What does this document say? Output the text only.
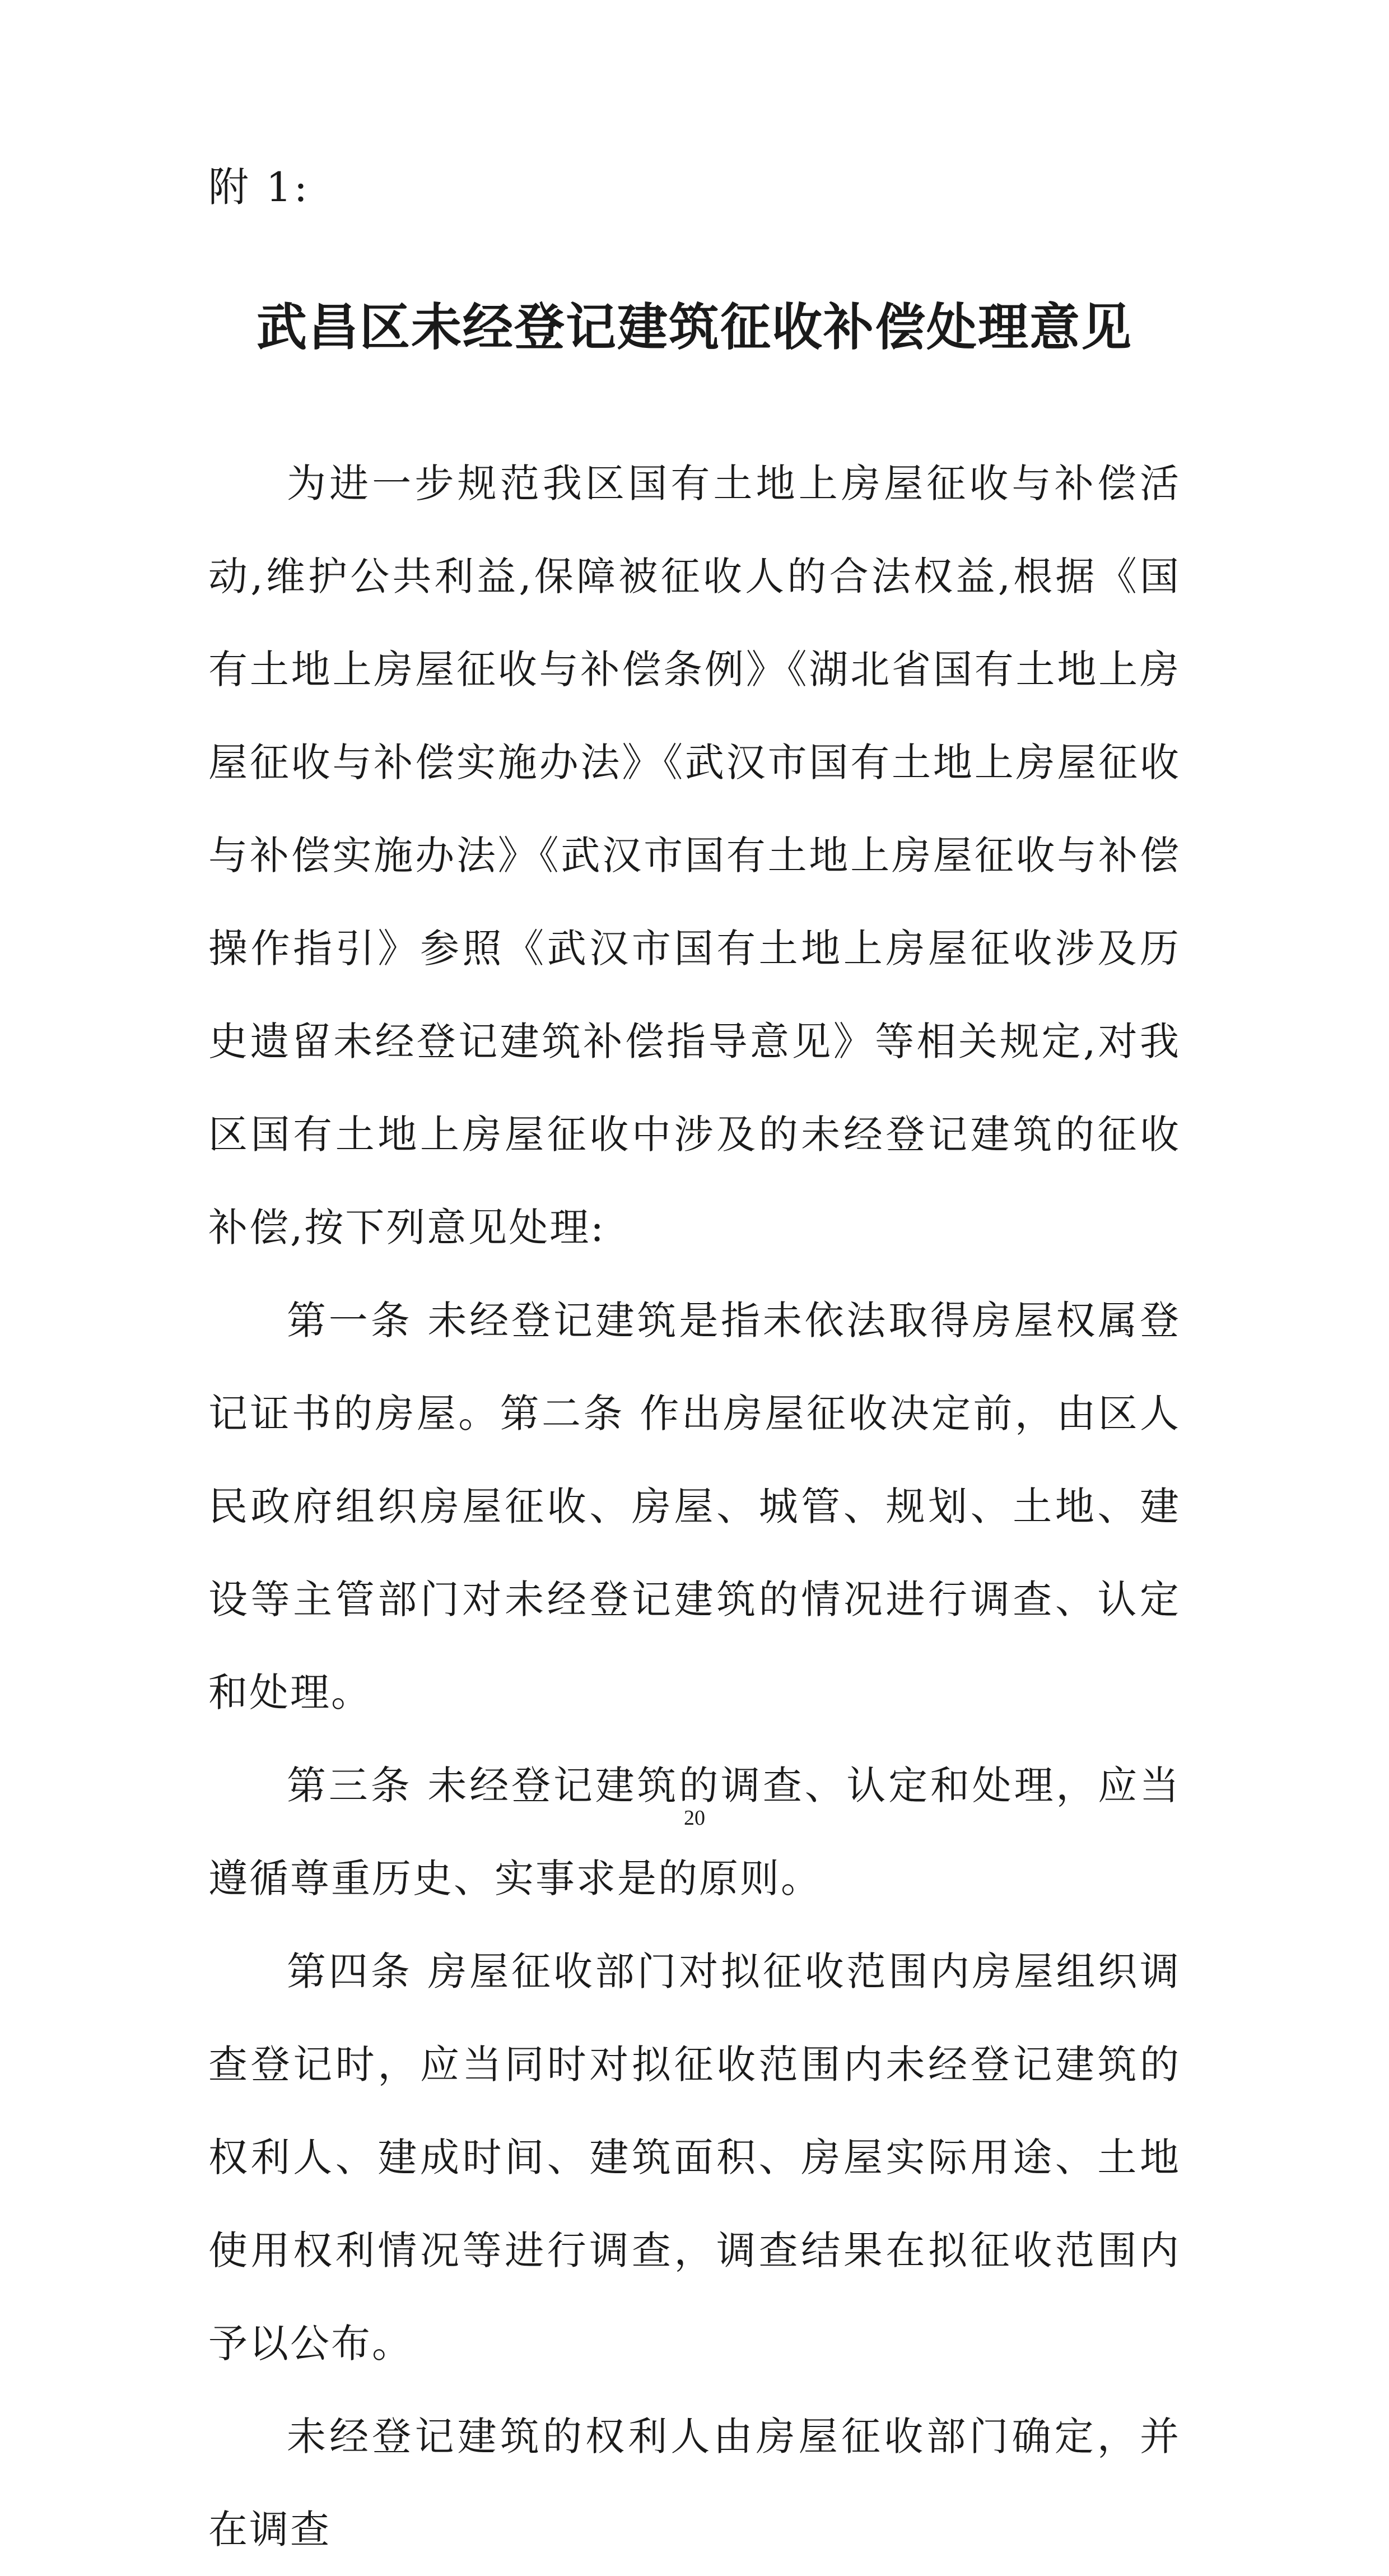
附 1:
武昌区未经登记建筑征收补偿处理意见

为进一步规范我区国有土地上房屋征收与补偿活动,维护公共利益,保障被征收人的合法权益,根据《国有土地上房屋征收与补偿条例》《湖北省国有土地上房屋征收与补偿实施办法》《武汉市国有土地上房屋征收与补偿实施办法》《武汉市国有土地上房屋征收与补偿操作指引》参照《武汉市国有土地上房屋征收涉及历史遗留未经登记建筑补偿指导意见》等相关规定,对我区国有土地上房屋征收中涉及的未经登记建筑的征收补偿,按下列意见处理:

第一条 未经登记建筑是指未依法取得房屋权属登记证书的房屋。第二条 作出房屋征收决定前，由区人民政府组织房屋征收、房屋、城管、规划、土地、建设等主管部门对未经登记建筑的情况进行调查、认定和处理。

第三条 未经登记建筑的调查、认定和处理，应当遵循尊重历史、实事求是的原则。

第四条 房屋征收部门对拟征收范围内房屋组织调查登记时，应当同时对拟征收范围内未经登记建筑的权利人、建成时间、建筑面积、房屋实际用途、土地使用权利情况等进行调查，调查结果在拟征收范围内予以公布。

未经登记建筑的权利人由房屋征收部门确定，并在调查

20
